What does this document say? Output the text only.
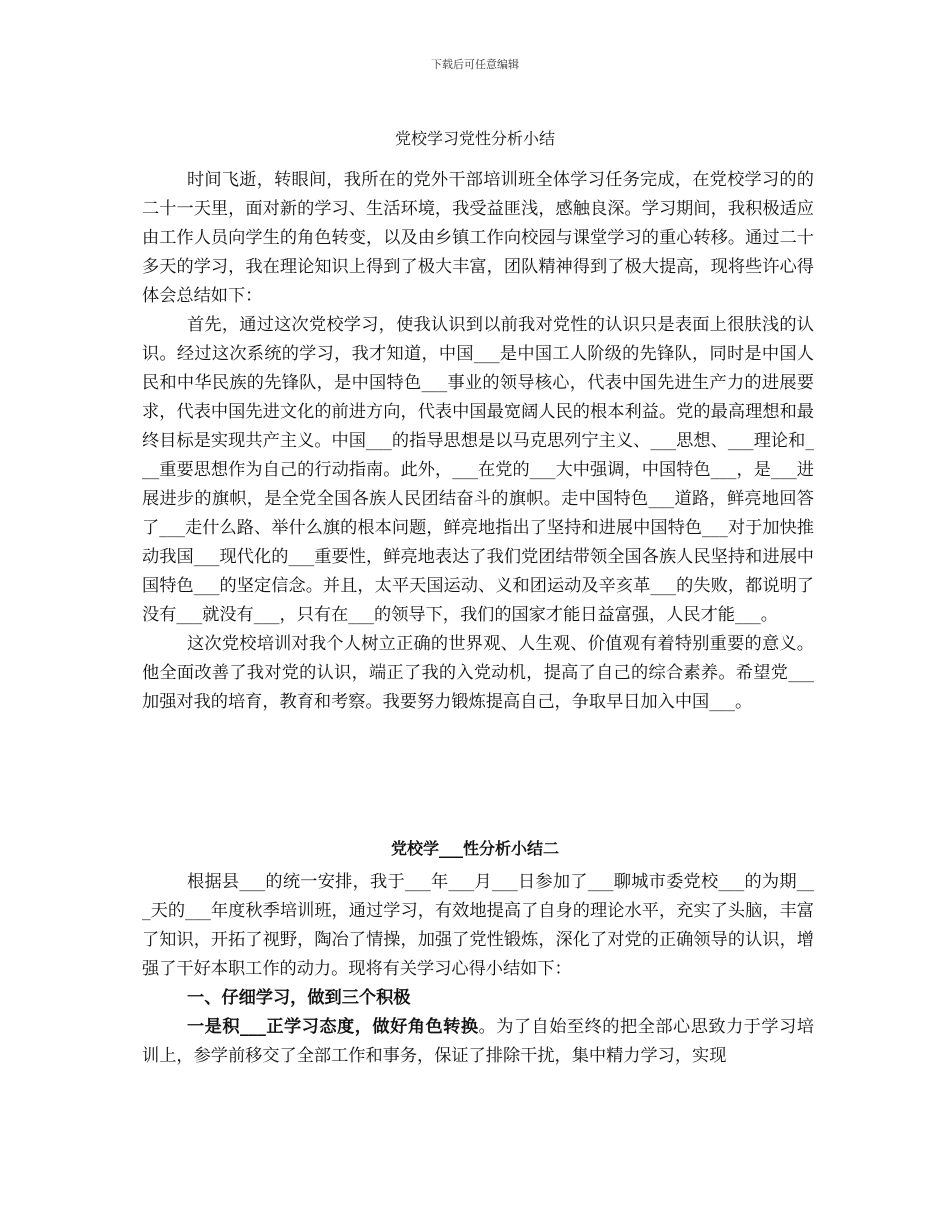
下载后可任意编辑
党校学习党性分析小结

时间飞逝，转眼间，我所在的党外干部培训班全体学习任务完成，在党校学习的的二十一天里，面对新的学习、生活环境，我受益匪浅，感触良深。学习期间，我积极适应由工作人员向学生的角色转变，以及由乡镇工作向校园与课堂学习的重心转移。通过二十多天的学习，我在理论知识上得到了极大丰富，团队精神得到了极大提高，现将些许心得体会总结如下：

首先，通过这次党校学习，使我认识到以前我对党性的认识只是表面上很肤浅的认识。经过这次系统的学习，我才知道，中国___是中国工人阶级的先锋队，同时是中国人民和中华民族的先锋队，是中国特色___事业的领导核心，代表中国先进生产力的进展要求，代表中国先进文化的前进方向，代表中国最宽阔人民的根本利益。党的最高理想和最终目标是实现共产主义。中国___的指导思想是以马克思列宁主义、___思想、___理论和___重要思想作为自己的行动指南。此外，___在党的___大中强调，中国特色___，是___进展进步的旗帜，是全党全国各族人民团结奋斗的旗帜。走中国特色___道路，鲜亮地回答了___走什么路、举什么旗的根本问题，鲜亮地指出了坚持和进展中国特色___对于加快推动我国___现代化的___重要性，鲜亮地表达了我们党团结带领全国各族人民坚持和进展中国特色___的坚定信念。并且，太平天国运动、义和团运动及辛亥革___的失败，都说明了没有___就没有___，只有在___的领导下，我们的国家才能日益富强，人民才能___。

这次党校培训对我个人树立正确的世界观、人生观、价值观有着特别重要的意义。他全面改善了我对党的认识，端正了我的入党动机，提高了自己的综合素养。希望党___加强对我的培育，教育和考察。我要努力锻炼提高自己，争取早日加入中国___。

党校学___性分析小结二

根据县___的统一安排，我于___年___月___日参加了___聊城市委党校___的为期___天的___年度秋季培训班，通过学习，有效地提高了自身的理论水平，充实了头脑，丰富了知识，开拓了视野，陶冶了情操，加强了党性锻炼，深化了对党的正确领导的认识，增强了干好本职工作的动力。现将有关学习心得小结如下：

一、仔细学习，做到三个积极

一是积___正学习态度，做好角色转换。为了自始至终的把全部心思致力于学习培训上，参学前移交了全部工作和事务，保证了排除干扰，集中精力学习，实现
